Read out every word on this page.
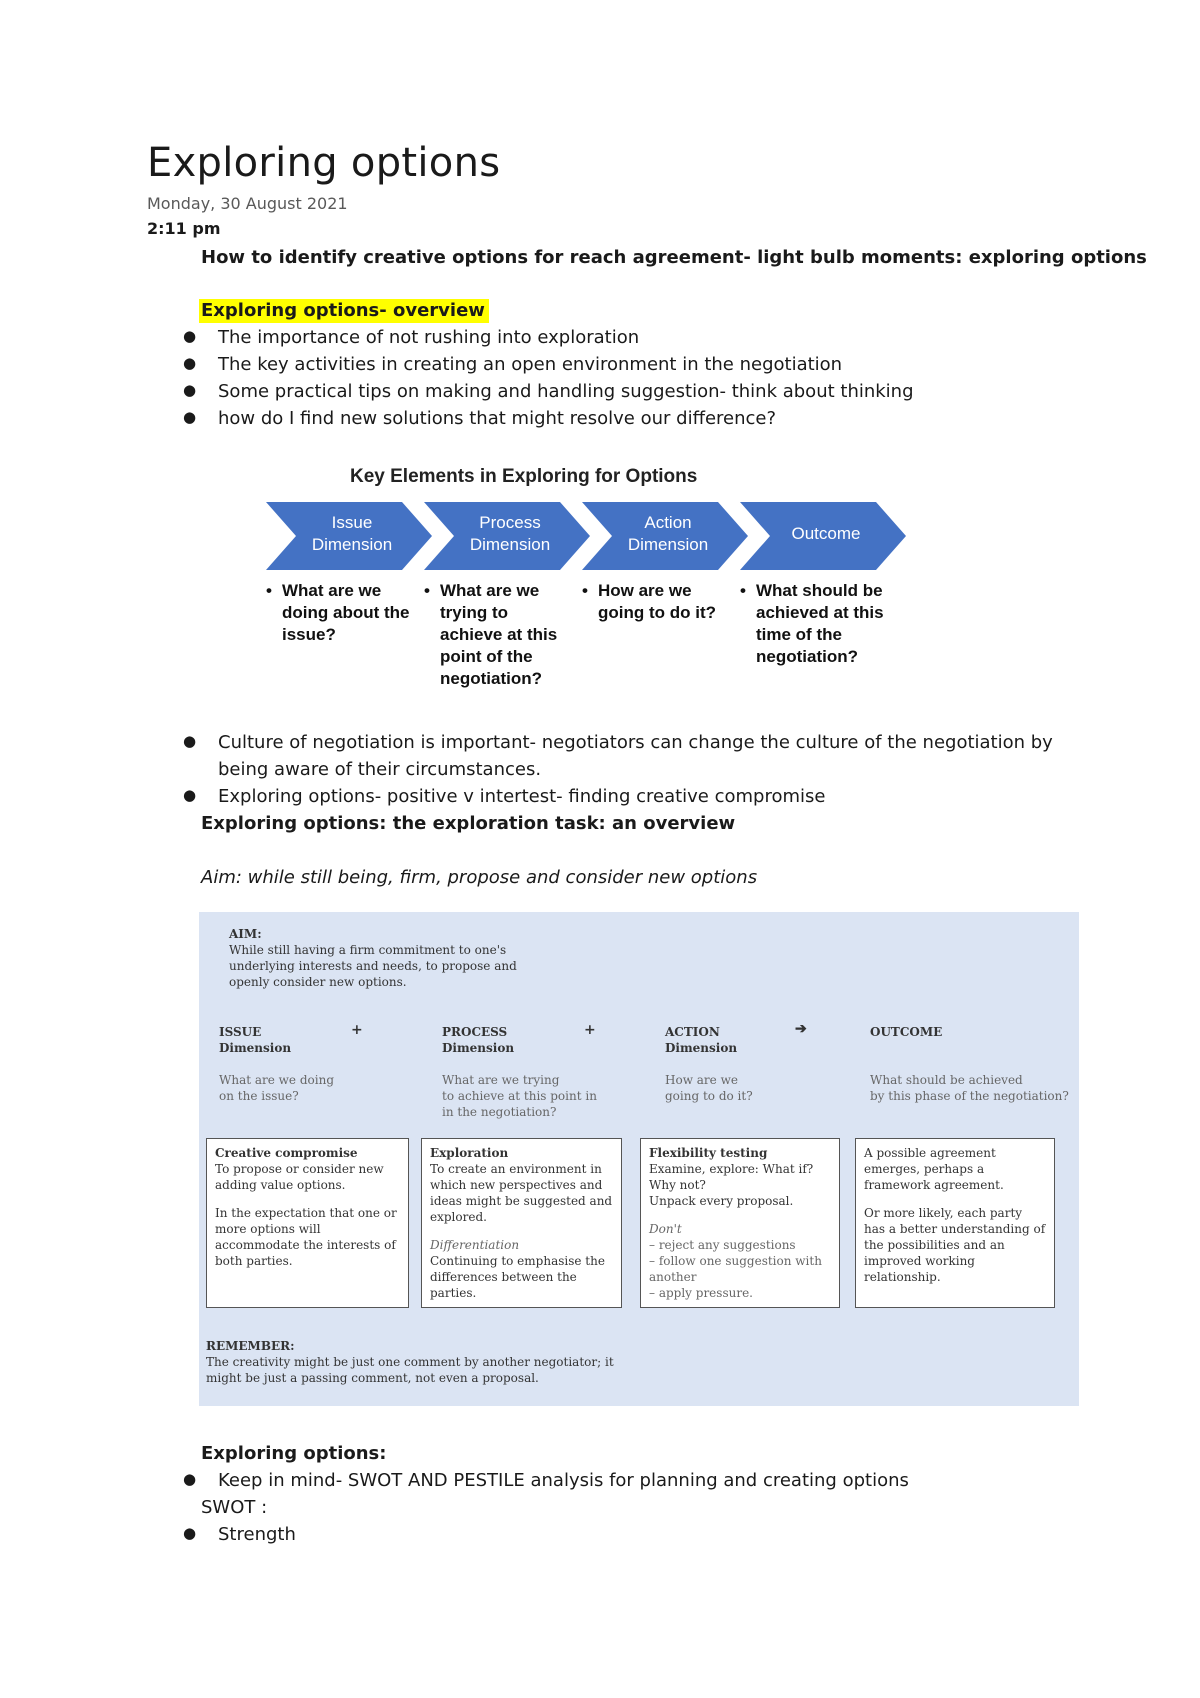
Exploring options
Monday, 30 August 2021
2:11 pm
How to identify creative options for reach agreement- light bulb moments: exploring options
Exploring options- overview
● The importance of not rushing into exploration
● The key activities in creating an open environment in the negotiation
● Some practical tips on making and handling suggestion- think about thinking
● how do I find new solutions that might resolve our difference?
Key Elements in Exploring for Options
Issue
Dimension
Process
Dimension
Action
Dimension
Outcome
• What are we doing about the issue?
• What are we trying to achieve at this point of the negotiation?
• How are we going to do it?
• What should be achieved at this time of the negotiation?
● Culture of negotiation is important- negotiators can change the culture of the negotiation by
being aware of their circumstances.
● Exploring options- positive v intertest- finding creative compromise
Exploring options: the exploration task: an overview
Aim: while still being, firm, propose and consider new options
AIM:
While still having a firm commitment to one's
underlying interests and needs, to propose and
openly consider new options.
ISSUE
Dimension
+
What are we doing
on the issue?
PROCESS
Dimension
+
What are we trying
to achieve at this point in
in the negotiation?
ACTION
Dimension
➔
How are we
going to do it?
OUTCOME
What should be achieved
by this phase of the negotiation?
Creative compromise
To propose or consider new adding value options.
In the expectation that one or more options will accommodate the interests of both parties.
Exploration
To create an environment in which new perspectives and ideas might be suggested and explored.
Differentiation
Continuing to emphasise the differences between the parties.
Flexibility testing
Examine, explore: What if?
Why not?
Unpack every proposal.
Don't
– reject any suggestions
– follow one suggestion with another
– apply pressure.
A possible agreement emerges, perhaps a framework agreement.
Or more likely, each party has a better understanding of the possibilities and an improved working relationship.
REMEMBER:
The creativity might be just one comment by another negotiator; it
might be just a passing comment, not even a proposal.
Exploring options:
● Keep in mind- SWOT AND PESTILE analysis for planning and creating options
SWOT :
● Strength
